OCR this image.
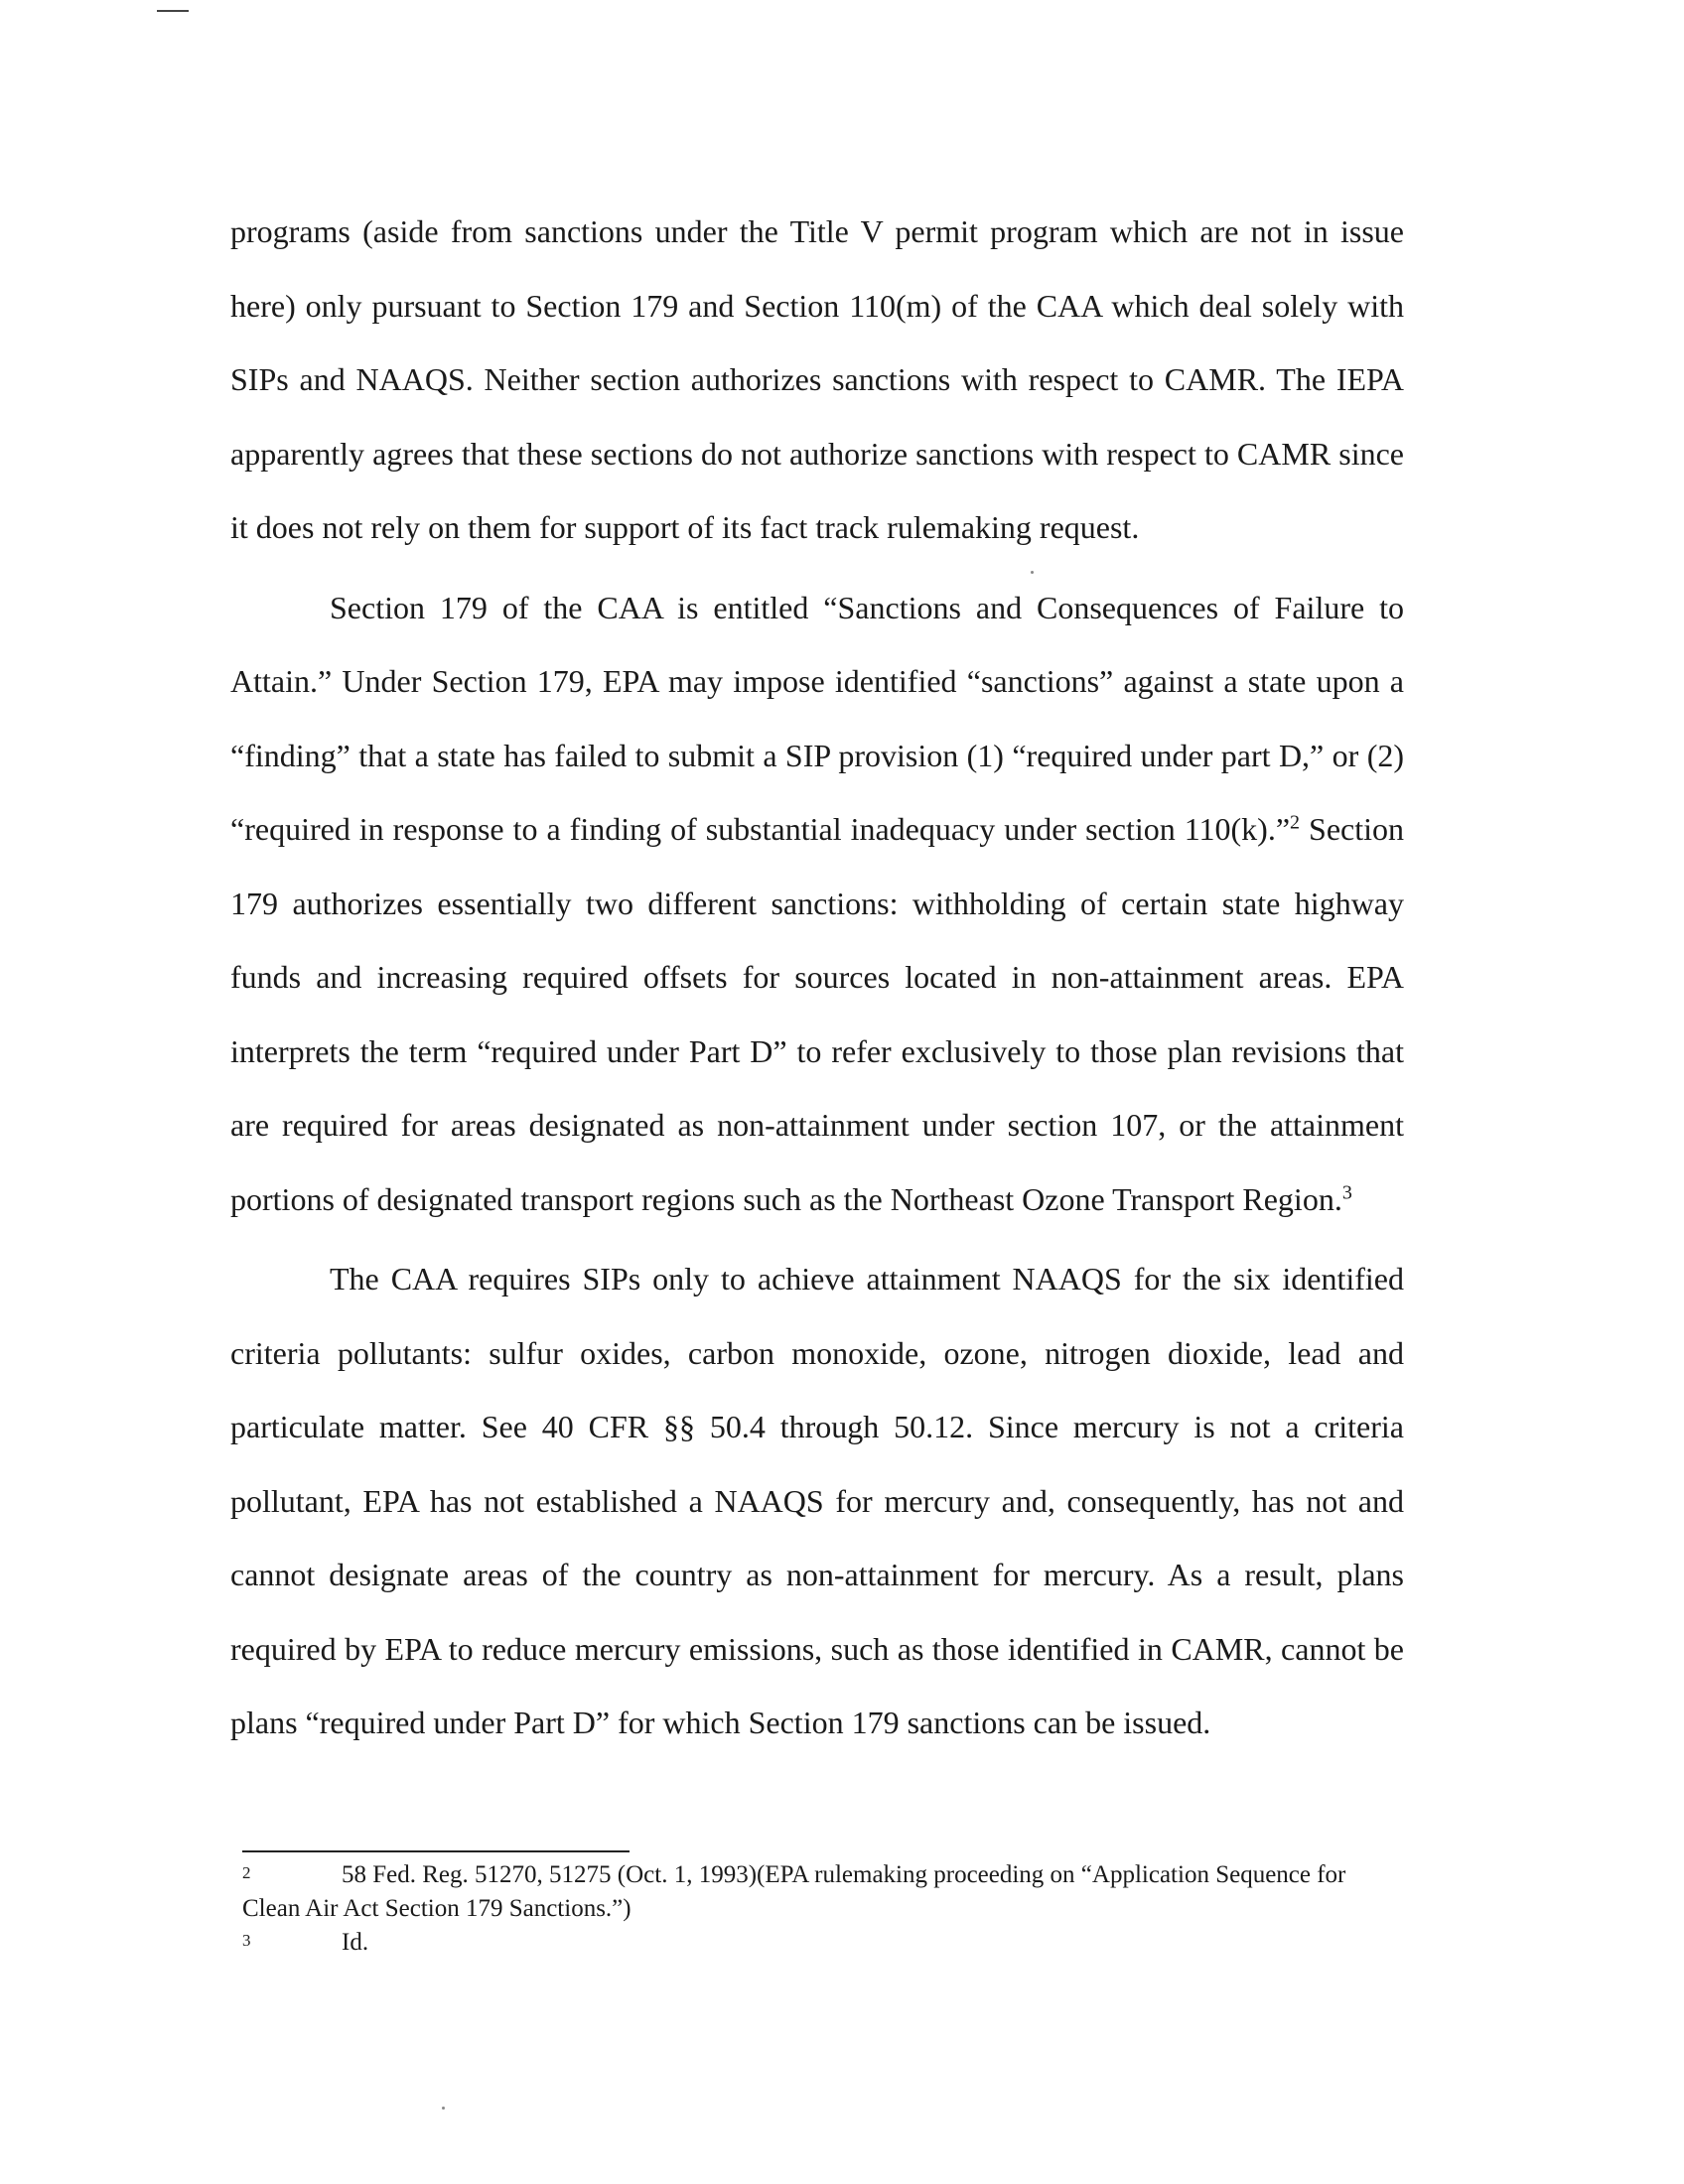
programs (aside from sanctions under the Title V permit program which are not in issue here) only pursuant to Section 179 and Section 110(m) of the CAA which deal solely with SIPs and NAAQS. Neither section authorizes sanctions with respect to CAMR. The IEPA apparently agrees that these sections do not authorize sanctions with respect to CAMR since it does not rely on them for support of its fact track rulemaking request.

Section 179 of the CAA is entitled “Sanctions and Consequences of Failure to Attain.” Under Section 179, EPA may impose identified “sanctions” against a state upon a “finding” that a state has failed to submit a SIP provision (1) “required under part D,” or (2) “required in response to a finding of substantial inadequacy under section 110(k).”$^2$ Section 179 authorizes essentially two different sanctions: withholding of certain state highway funds and increasing required offsets for sources located in non-attainment areas. EPA interprets the term “required under Part D” to refer exclusively to those plan revisions that are required for areas designated as non-attainment under section 107, or the attainment portions of designated transport regions such as the Northeast Ozone Transport Region.$^3$

The CAA requires SIPs only to achieve attainment NAAQS for the six identified criteria pollutants: sulfur oxides, carbon monoxide, ozone, nitrogen dioxide, lead and particulate matter. See 40 CFR §§ 50.4 through 50.12. Since mercury is not a criteria pollutant, EPA has not established a NAAQS for mercury and, consequently, has not and cannot designate areas of the country as non-attainment for mercury. As a result, plans required by EPA to reduce mercury emissions, such as those identified in CAMR, cannot be plans “required under Part D” for which Section 179 sanctions can be issued.

2	58 Fed. Reg. 51270, 51275 (Oct. 1, 1993)(EPA rulemaking proceeding on “Application Sequence for Clean Air Act Section 179 Sanctions.”)

3	Id.
